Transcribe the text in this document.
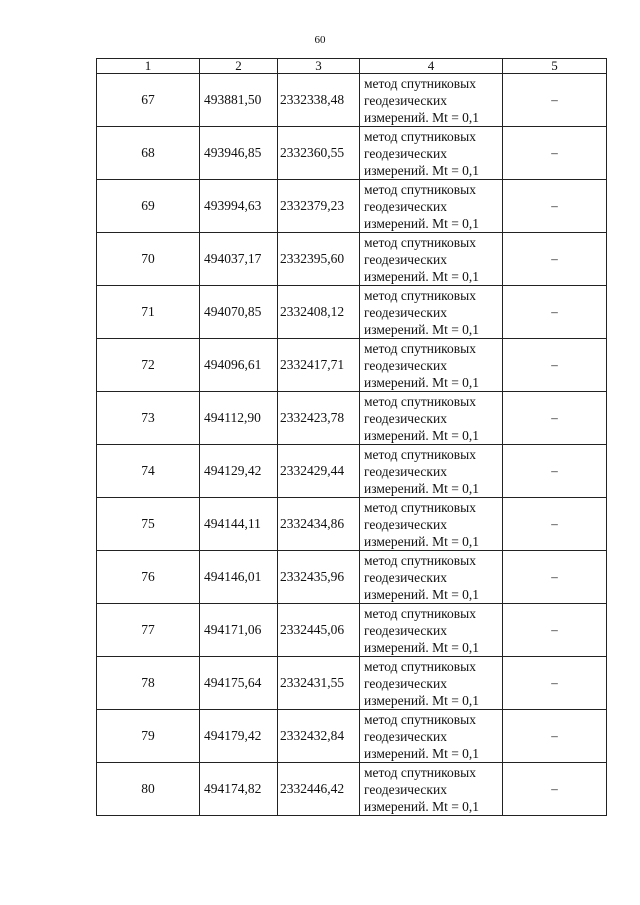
60
1	2	3	4	5
67	493881,50	2332338,48	метод спутниковых
геодезических
измерений. Mt = 0,1	–
68	493946,85	2332360,55	метод спутниковых
геодезических
измерений. Mt = 0,1	–
69	493994,63	2332379,23	метод спутниковых
геодезических
измерений. Mt = 0,1	–
70	494037,17	2332395,60	метод спутниковых
геодезических
измерений. Mt = 0,1	–
71	494070,85	2332408,12	метод спутниковых
геодезических
измерений. Mt = 0,1	–
72	494096,61	2332417,71	метод спутниковых
геодезических
измерений. Mt = 0,1	–
73	494112,90	2332423,78	метод спутниковых
геодезических
измерений. Mt = 0,1	–
74	494129,42	2332429,44	метод спутниковых
геодезических
измерений. Mt = 0,1	–
75	494144,11	2332434,86	метод спутниковых
геодезических
измерений. Mt = 0,1	–
76	494146,01	2332435,96	метод спутниковых
геодезических
измерений. Mt = 0,1	–
77	494171,06	2332445,06	метод спутниковых
геодезических
измерений. Mt = 0,1	–
78	494175,64	2332431,55	метод спутниковых
геодезических
измерений. Mt = 0,1	–
79	494179,42	2332432,84	метод спутниковых
геодезических
измерений. Mt = 0,1	–
80	494174,82	2332446,42	метод спутниковых
геодезических
измерений. Mt = 0,1	–
